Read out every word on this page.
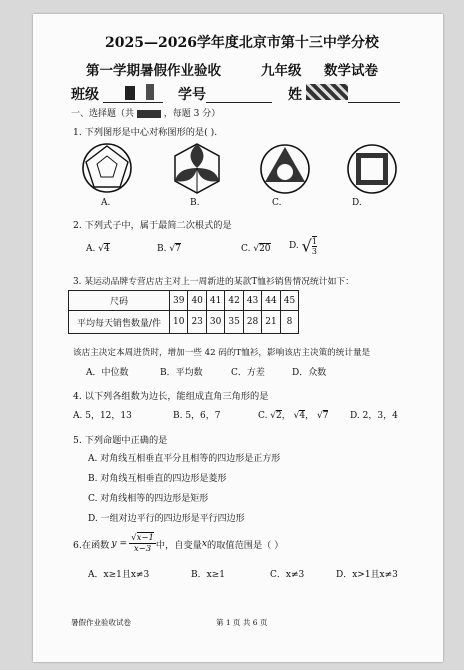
2025—2026学年度北京市第十三中学分校
第一学期暑假作业验收	九年级 数学试卷
班级	学号	姓
一、选择题（共	，每题 3 分）
1. 下列图形是中心对称图形的是( ).
A.	B.	C.	D.
2. 下列式子中，属于最简二次根式的是
A. √4	B. √7	C. √20 D. √ $\frac{1}{3}$
3. 某运动品牌专营店店主对上一周新进的某款T恤衫销售情况统计如下：
尺码	39	40	41	42	43	44	45
平均每天销售数量/件	10	23	30	35	28	21	8
该店主决定本周进货时，增加一些 42 码的T恤衫，影响该店主决策的统计量是
A．中位数	B．平均数	C．方差	D．众数
4. 以下列各组数为边长，能组成直角三角形的是
A. 5，12，13	B. 5，6，7	C. √2， √4， √7 D. 2，3，4
5. 下列命题中正确的是
A. 对角线互相垂直平分且相等的四边形是正方形
B. 对角线互相垂直的四边形是菱形
C. 对角线相等的四边形是矩形
D. 一组对边平行的四边形是平行四边形
6.在函数 $y = \frac{√x-1}{x-3}$ 中，自变量 x 的取值范围是（ ）
A．x≥1且x≠3	B．x≥1	C．x≠3	D．x>1且x≠3
暑假作业验收试卷	第 1 页 共 6 页
